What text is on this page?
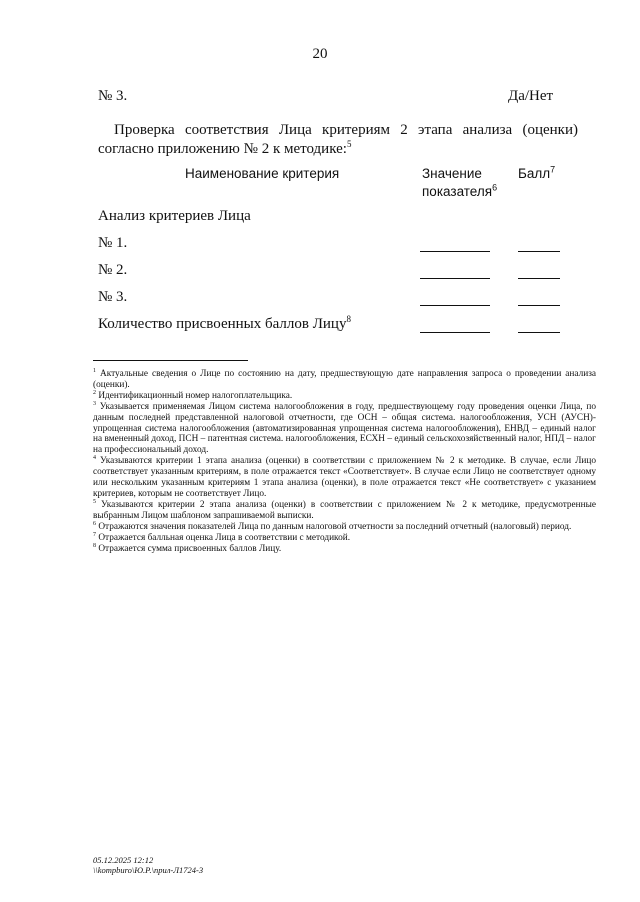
20
№ 3.	Да/Нет
Проверка соответствия Лица критериям 2 этапа анализа (оценки) согласно приложению № 2 к методике:$^5$
Наименование критерия	Значение
показателя$^6$
Балл$^7$
Анализ критериев Лица
№ 1.
№ 2.
№ 3.
Количество присвоенных баллов Лицу$^8$

$^1$ Актуальные сведения о Лице по состоянию на дату, предшествующую дате направления запроса о проведении анализа (оценки).

$^2$ Идентификационный номер налогоплательщика.

$^3$ Указывается применяемая Лицом система налогообложения в году, предшествующему году проведения оценки Лица, по данным последней представленной налоговой отчетности, где ОСН – общая система. налогообложения, УСН (АУСН)- упрощенная система налогообложения (автоматизированная упрощенная система налогообложения), ЕНВД – единый налог на вмененный доход, ПСН – патентная система. налогообложения, ЕСХН – единый сельскохозяйственный налог, НПД – налог на профессиональный доход.

$^4$ Указываются критерии 1 этапа анализа (оценки) в соответствии с приложением № 2 к методике. В случае, если Лицо соответствует указанным критериям, в поле отражается текст «Соответствует». В случае если Лицо не соответствует одному или нескольким указанным критериям 1 этапа анализа (оценки), в поле отражается текст «Не соответствует» с указанием критериев, которым не соответствует Лицо.

$^5$ Указываются критерии 2 этапа анализа (оценки) в соответствии с приложением № 2 к методике, предусмотренные выбранным Лицом шаблоном запрашиваемой выписки.

$^6$ Отражаются значения показателей Лица по данным налоговой отчетности за последний отчетный (налоговый) период.

$^7$ Отражается балльная оценка Лица в соответствии с методикой.

$^8$ Отражается сумма присвоенных баллов Лицу.

05.12.2025 12:12
\\kompburo\Ю.Р.\прил-Л1724-3
